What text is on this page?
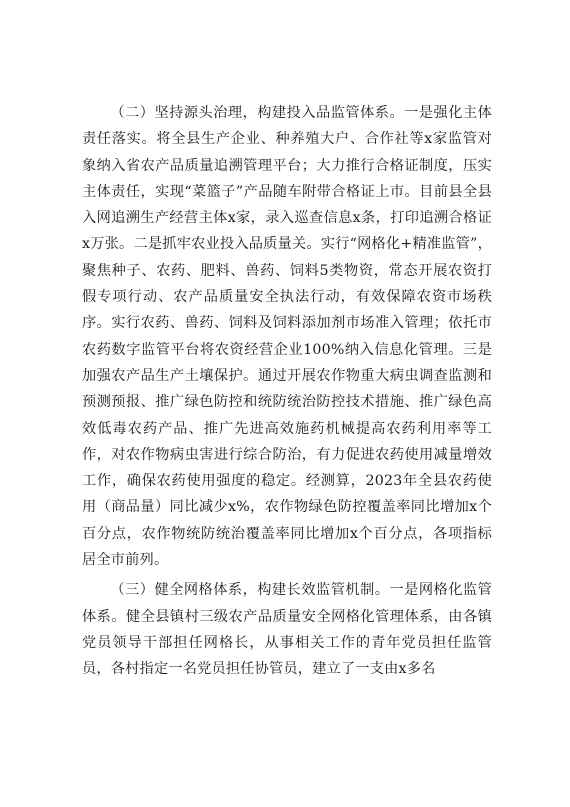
（二）坚持源头治理，构建投入品监管体系。一是强化主体责任落实。将全县生产企业、种养殖大户、合作社等x家监管对象纳入省农产品质量追溯管理平台；大力推行合格证制度，压实主体责任，实现“菜篮子”产品随车附带合格证上市。目前县全县入网追溯生产经营主体x家，录入巡查信息x条，打印追溯合格证x万张。二是抓牢农业投入品质量关。实行“网格化+精准监管”，聚焦种子、农药、肥料、兽药、饲料5类物资，常态开展农资打假专项行动、农产品质量安全执法行动，有效保障农资市场秩序。实行农药、兽药、饲料及饲料添加剂市场准入管理；依托市农药数字监管平台将农资经营企业100%纳入信息化管理。三是加强农产品生产土壤保护。通过开展农作物重大病虫调查监测和预测预报、推广绿色防控和统防统治防控技术措施、推广绿色高效低毒农药产品、推广先进高效施药机械提高农药利用率等工作，对农作物病虫害进行综合防治，有力促进农药使用减量增效工作，确保农药使用强度的稳定。经测算，2023年全县农药使用（商品量）同比减少x%，农作物绿色防控覆盖率同比增加x个百分点，农作物统防统治覆盖率同比增加x个百分点，各项指标居全市前列。

（三）健全网格体系，构建长效监管机制。一是网格化监管体系。健全县镇村三级农产品质量安全网格化管理体系，由各镇党员领导干部担任网格长，从事相关工作的青年党员担任监管员，各村指定一名党员担任协管员，建立了一支由x多名
